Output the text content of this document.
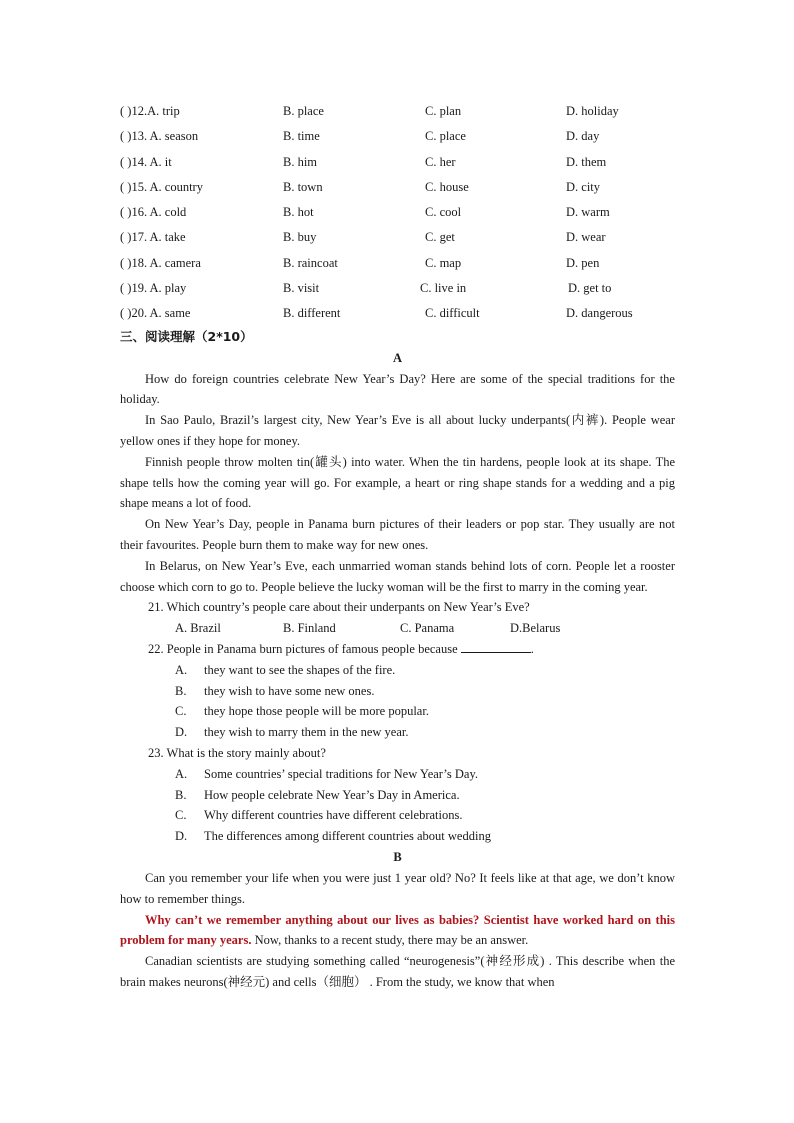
( )12.A. trip	B. place	C. plan	D. holiday
( )13. A. season	B. time	C. place	D. day
( )14. A. it	B. him	C. her	D. them
( )15. A. country	B. town	C. house	D. city
( )16. A. cold	B. hot	C. cool	D. warm
( )17. A. take	B. buy	C. get	D. wear
( )18. A. camera	B. raincoat	C. map	D. pen
( )19. A. play	B. visit	C. live in	D. get to
( )20. A. same	B. different	C. difficult	D. dangerous
三、阅读理解（2*10）
A

How do foreign countries celebrate New Year’s Day? Here are some of the special traditions for the holiday.

In Sao Paulo, Brazil’s largest city, New Year’s Eve is all about lucky underpants(内裤). People wear yellow ones if they hope for money.

Finnish people throw molten tin(罐头) into water. When the tin hardens, people look at its shape. The shape tells how the coming year will go. For example, a heart or ring shape stands for a wedding and a pig shape means a lot of food.

On New Year’s Day, people in Panama burn pictures of their leaders or pop star. They usually are not their favourites. People burn them to make way for new ones.

In Belarus, on New Year’s Eve, each unmarried woman stands behind lots of corn. People let a rooster choose which corn to go to. People believe the lucky woman will be the first to marry in the coming year.

21. Which country’s people care about their underpants on New Year’s Eve?

A. Brazil	B. Finland	C. Panama	D.Belarus

22. People in Panama burn pictures of famous people because	.

A. they want to see the shapes of the fire.
B. they wish to have some new ones.
C. they hope those people will be more popular.
D. they wish to marry them in the new year.

23. What is the story mainly about?

A. Some countries’ special traditions for New Year’s Day.
B. How people celebrate New Year’s Day in America.
C. Why different countries have different celebrations.
D. The differences among different countries about wedding
B

Can you remember your life when you were just 1 year old? No? It feels like at that age, we don’t know how to remember things.

Why can’t we remember anything about our lives as babies? Scientist have worked hard on this problem for many years. Now, thanks to a recent study, there may be an answer.

Canadian scientists are studying something called “neurogenesis”(神经形成) . This describe when the brain makes neurons(神经元) and cells（细胞） . From the study, we know that when
